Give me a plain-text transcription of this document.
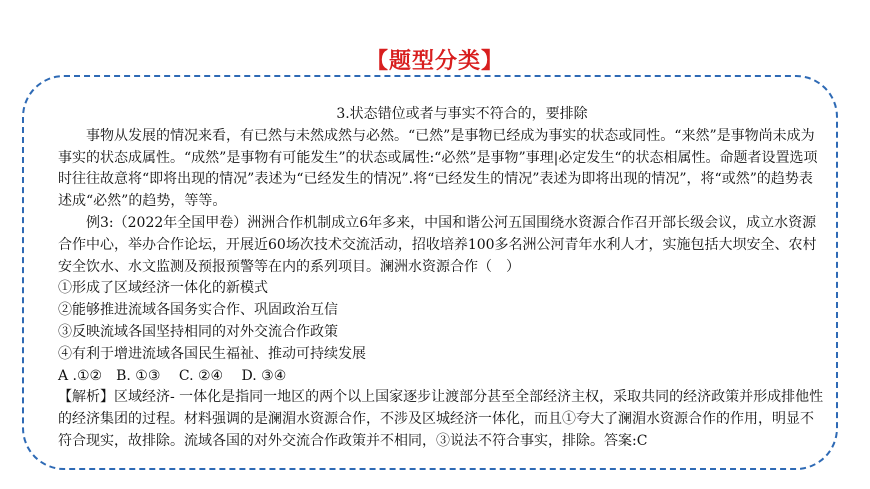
【题型分类】

3.状态错位或者与事实不符合的，要排除

事物从发展的情况来看，有已然与未然成然与必然。“已然”是事物已经成为事实的状态或同性。“来然”是事物尚未成为事实的状态成属性。“成然”是事物有可能发生”的状态或属性:“必然”是事物”事理|必定发生“的状态相属性。命题者设置选项时往往故意将“即将出现的情况”表述为“已经发生的情况”.将“已经发生的情况”表述为即将出现的情况”，将“或然”的趋势表述成“必然”的趋势，等等。

例3:（2022年全国甲卷）洲洲合作机制成立6年多来，中国和谐公河五国围绕水资源合作召开部长级会议，成立水资源合作中心，举办合作论坛，开展近60场次技术交流活动，招收培养100多名洲公河青年水利人才，实施包括大坝安全、农村安全饮水、水文监测及预报预警等在内的系列项目。澜洲水资源合作（　）

①形成了区域经济一体化的新模式

②能够推进流域各国务实合作、巩固政治互信

③反映流域各国坚持相同的对外交流合作政策

④有利于增进流域各国民生福祉、推动可持续发展

A .①②　B. ①③　 C. ②④　 D. ③④

【解析】区域经济- 一体化是指同一地区的两个以上国家逐步让渡部分甚至全部经济主权，采取共同的经济政策并形成排他性的经济集团的过程。材料强调的是澜湄水资源合作，不涉及区城经济一体化，而且①夸大了澜湄水资源合作的作用，明显不符合现实，故排除。流域各国的对外交流合作政策并不相同，③说法不符合事实，排除。答案:C
